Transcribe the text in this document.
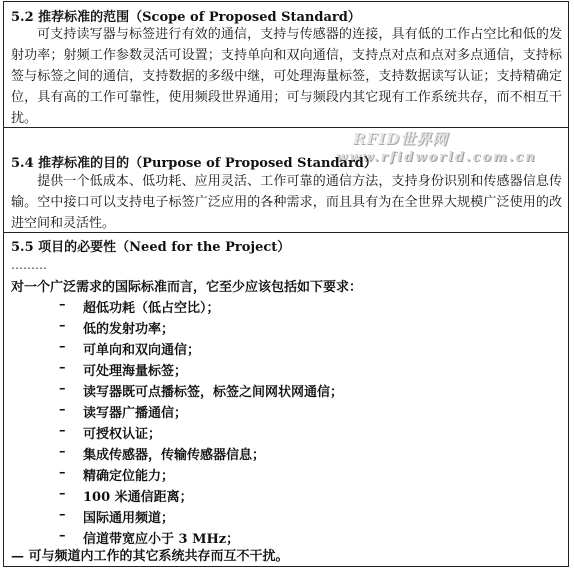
5.2 推荐标准的范围（Scope of Proposed Standard）
可支持读写器与标签进行有效的通信，支持与传感器的连接，具有低的工作占空比和低的发射功率；射频工作参数灵活可设置；支持单向和双向通信，支持点对点和点对多点通信，支持标签与标签之间的通信，支持数据的多级中继，可处理海量标签，支持数据读写认证；支持精确定位，具有高的工作可靠性，使用频段世界通用；可与频段内其它现有工作系统共存，而不相互干扰。
RFID世界网
www.rfidworld.com.cn
5.4 推荐标准的目的（Purpose of Proposed Standard）
提供一个低成本、低功耗、应用灵活、工作可靠的通信方法，支持身份识别和传感器信息传输。空中接口可以支持电子标签广泛应用的各种需求，而且具有为在全世界大规模广泛使用的改进空间和灵活性。
5.5 项目的必要性（Need for the Project）
………
对一个广泛需求的国际标准而言，它至少应该包括如下要求：
– 超低功耗（低占空比）；
– 低的发射功率；
– 可单向和双向通信；
– 可处理海量标签；
– 读写器既可点播标签，标签之间网状网通信；
– 读写器广播通信；
– 可授权认证；
– 集成传感器，传输传感器信息；
– 精确定位能力；
– 100 米通信距离；
– 国际通用频道；
– 信道带宽应小于 3 MHz；
— 可与频道内工作的其它系统共存而互不干扰。
